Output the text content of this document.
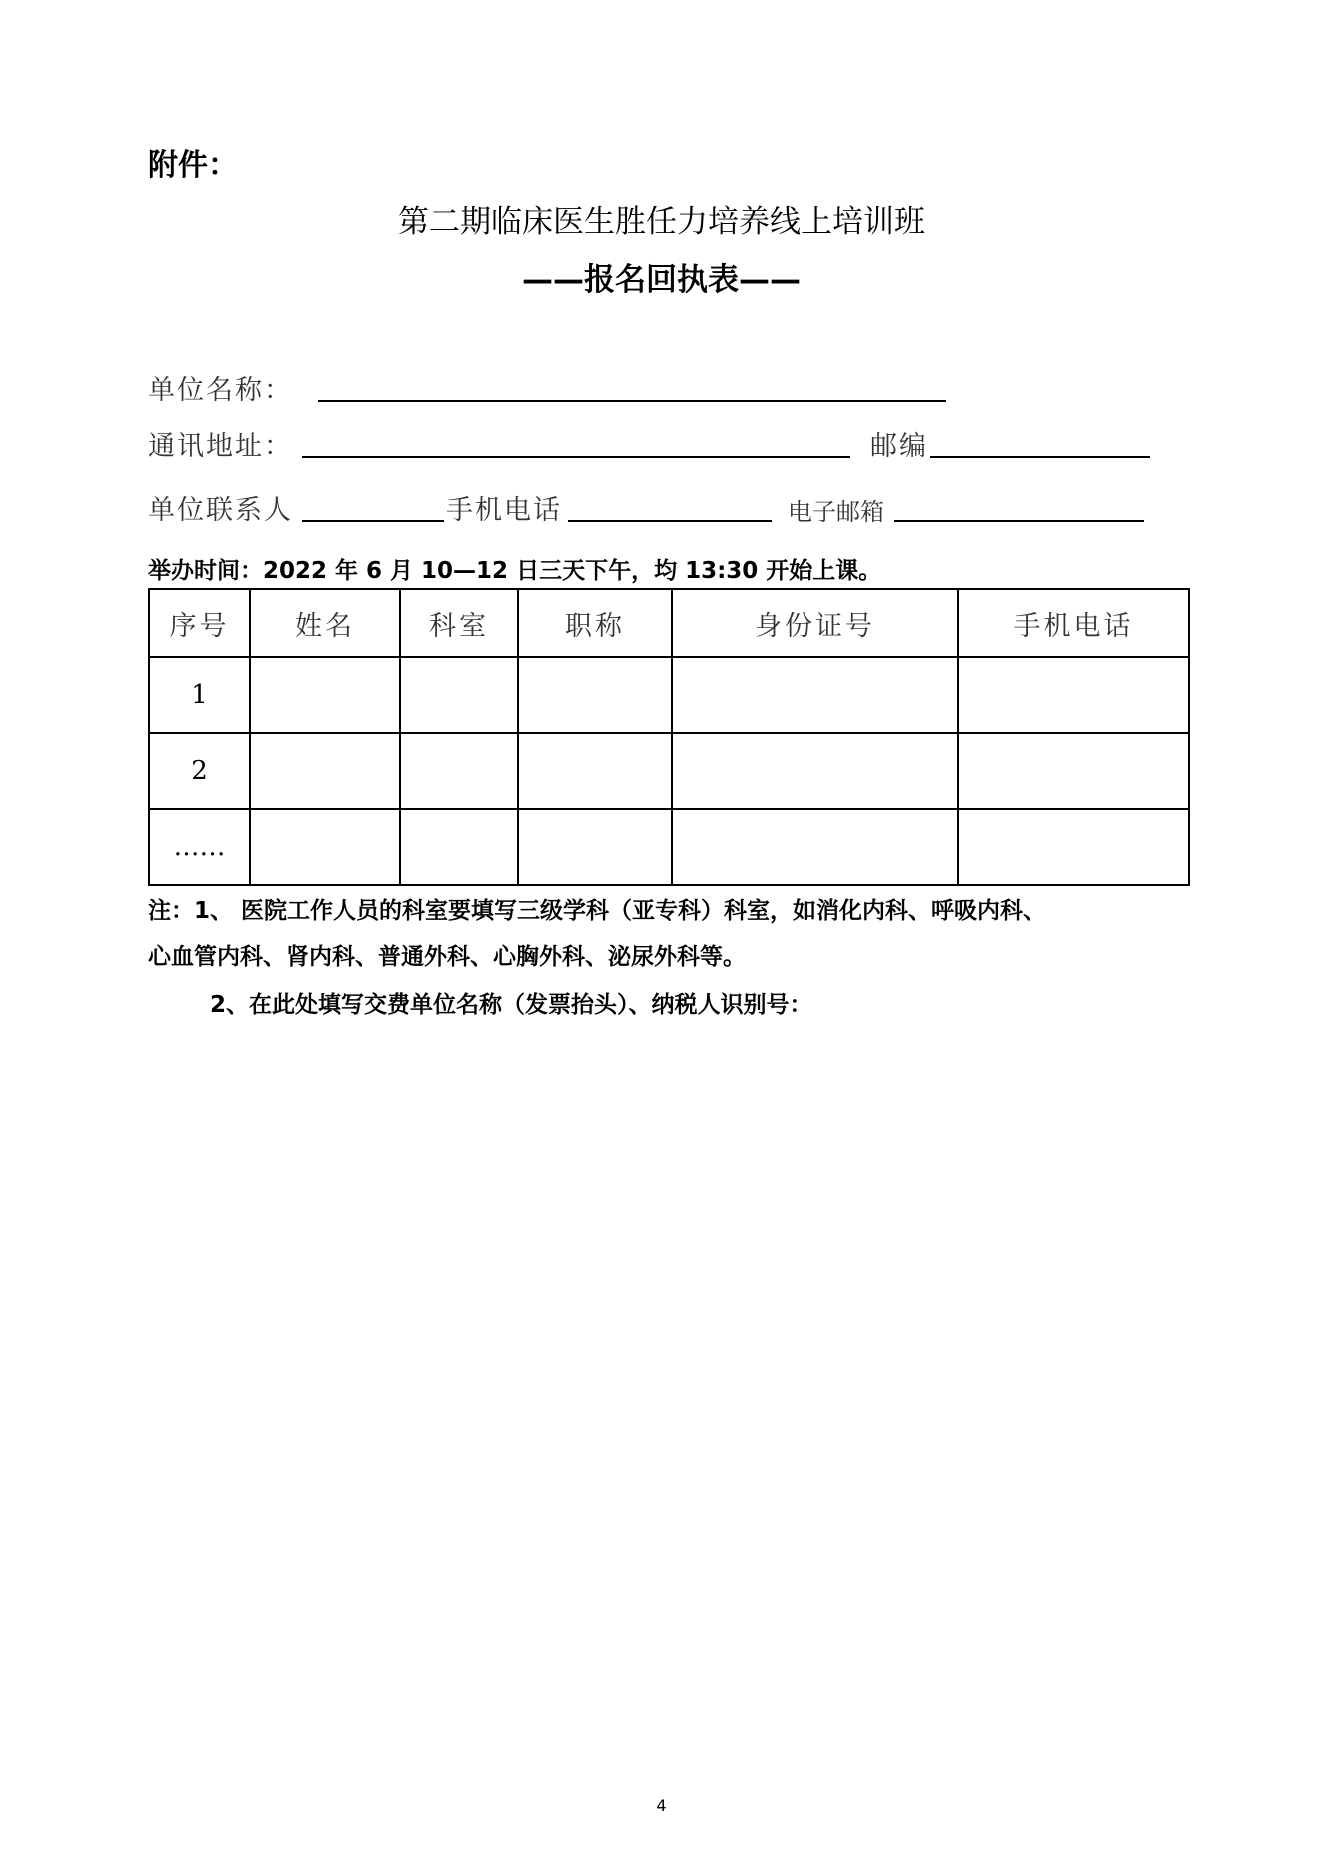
附件：
第二期临床医生胜任力培养线上培训班
——报名回执表——
单位名称：
通讯地址：	邮编
单位联系人	手机电话	电子邮箱
举办时间：2022 年 6 月 10—12 日三天下午，均 13:30 开始上课。
序号	姓名	科室	职称	身份证号	手机电话
1					
2					
……					
注：1、 医院工作人员的科室要填写三级学科（亚专科）科室，如消化内科、呼吸内科、
心血管内科、肾内科、普通外科、心胸外科、泌尿外科等。
2、在此处填写交费单位名称（发票抬头）、纳税人识别号：
4
